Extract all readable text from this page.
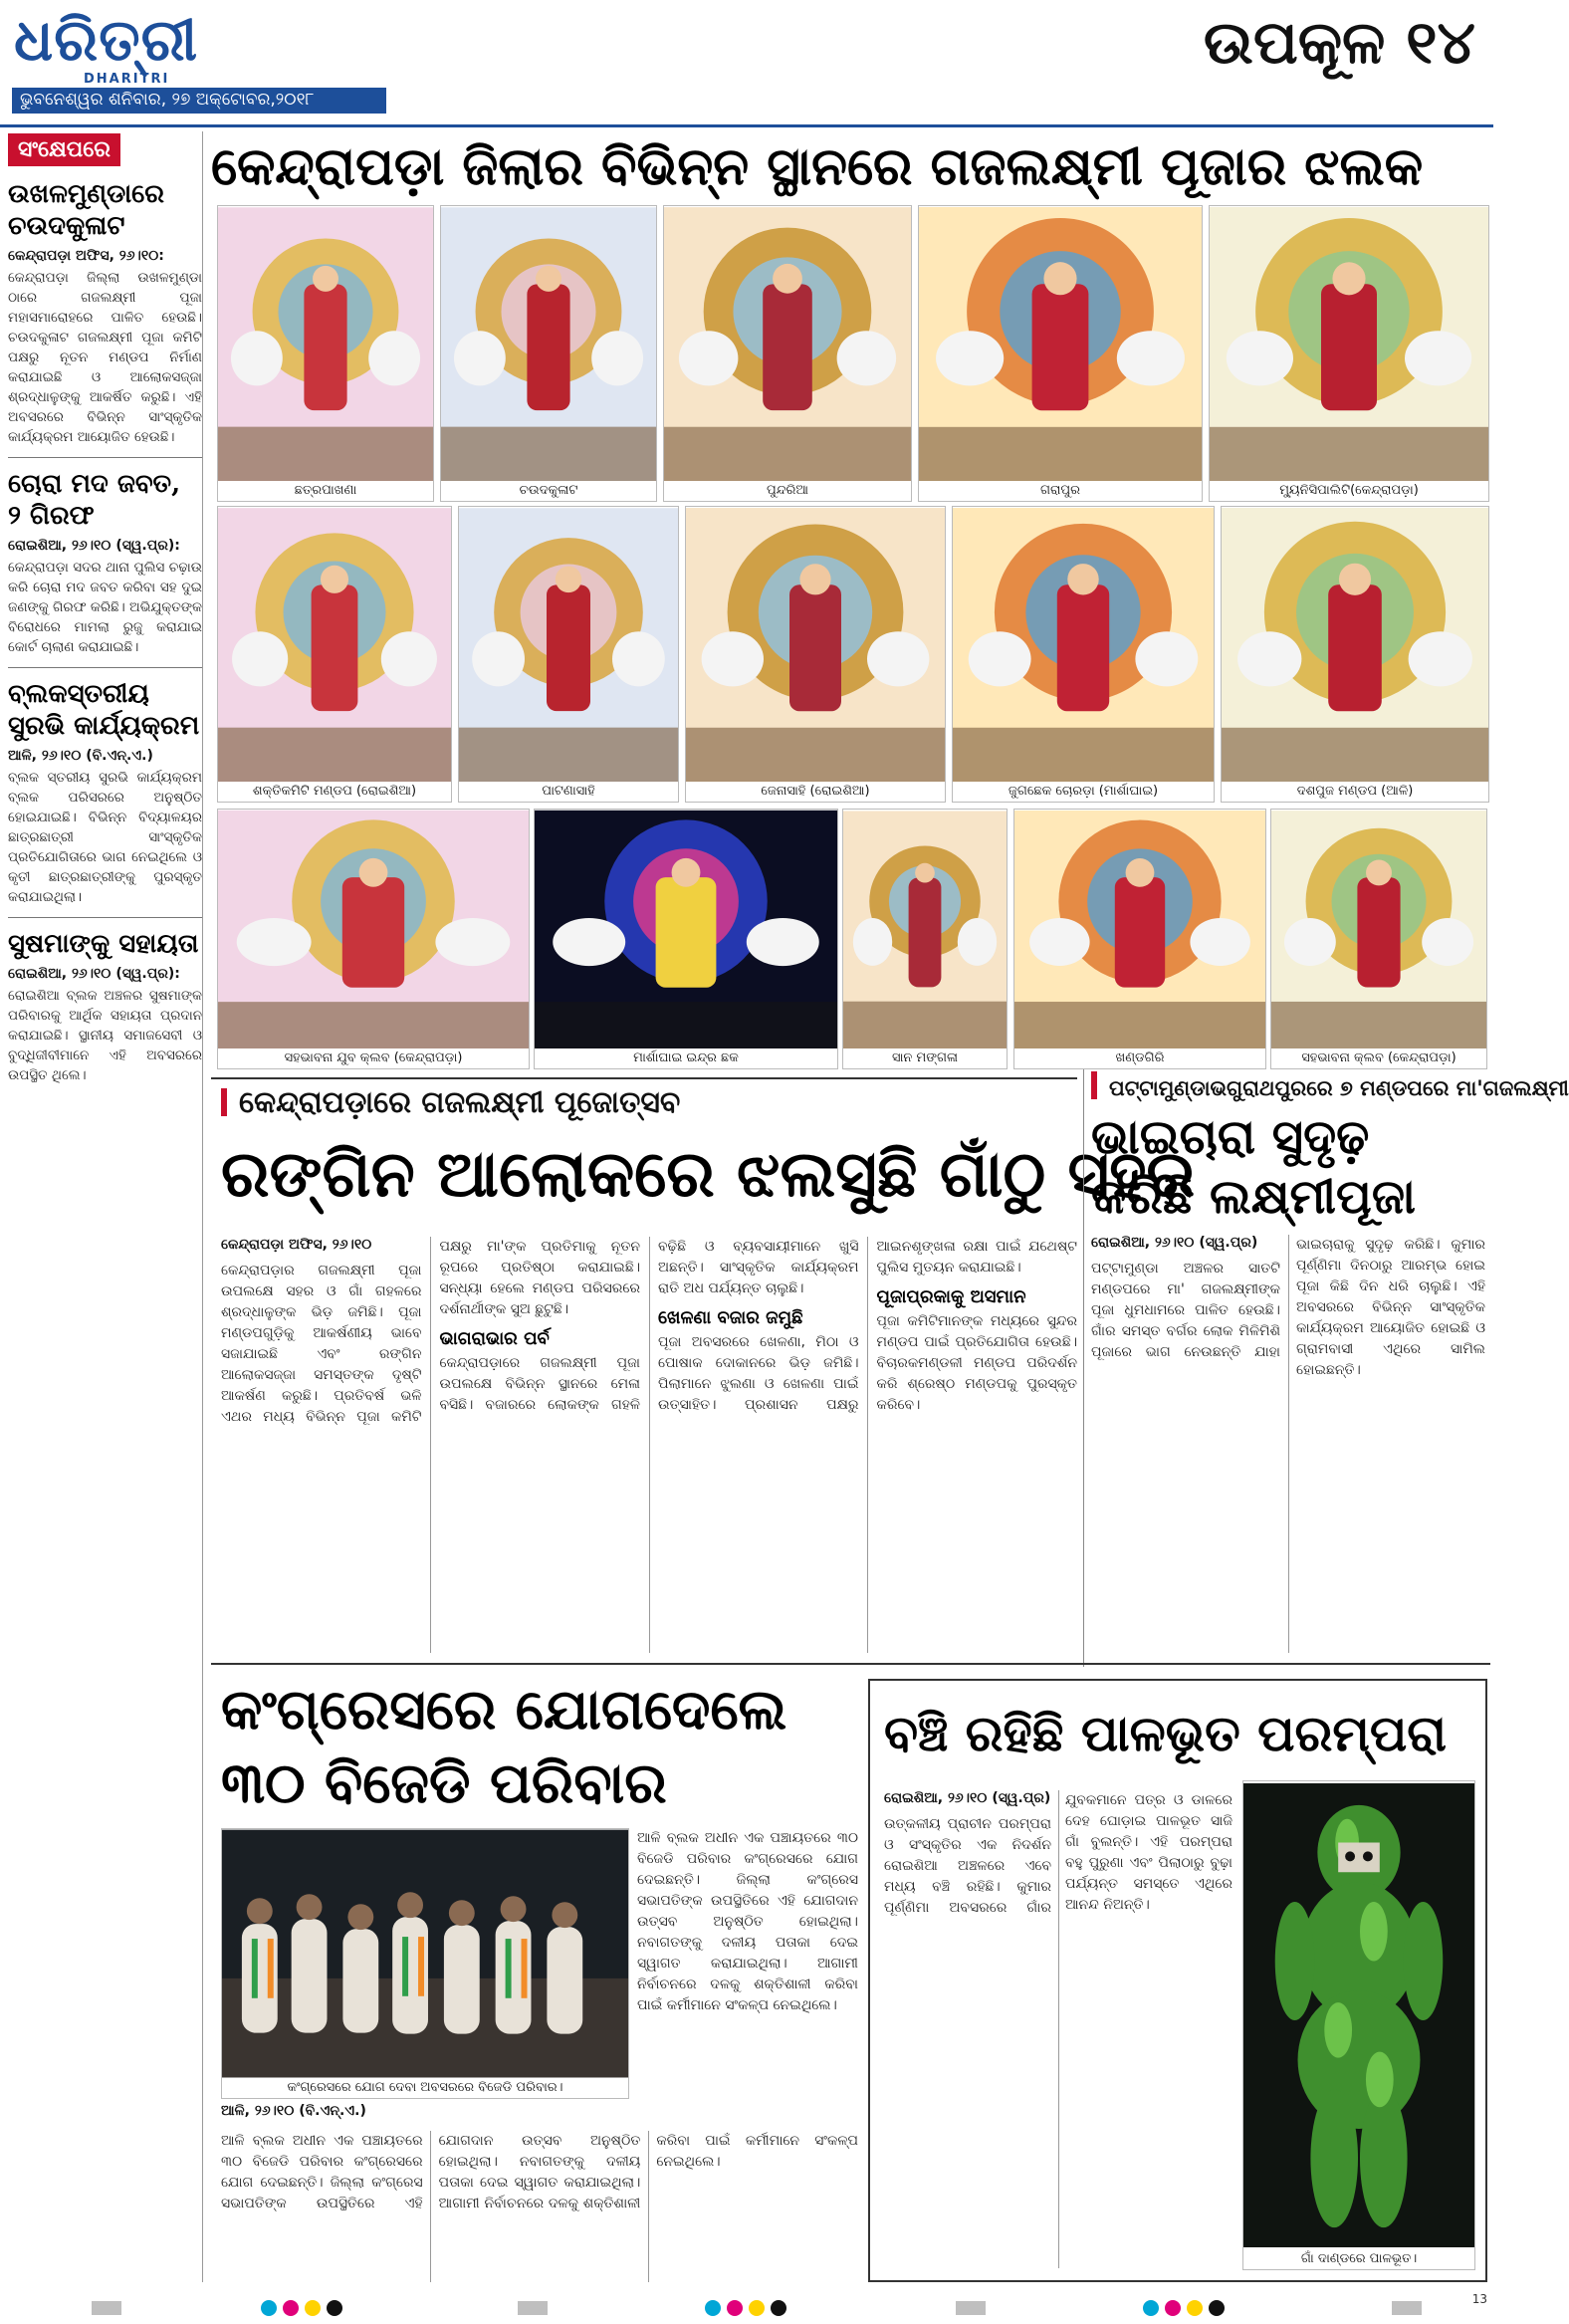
ଧରିତ୍ରୀ
DHARITRI
ଭୁବନେଶ୍ୱର ଶନିବାର, ୨୭ ଅକ୍ଟୋବର,୨୦୧୮
ଉପକୂଳ ୧୪
ସଂକ୍ଷେପରେ
ଉଖଳମୁଣ୍ଡାରେ ଚଉଦକୁଳାଟ
କେନ୍ଦ୍ରାପଡ଼ା ଅଫିସ, ୨୬।୧୦:
କେନ୍ଦ୍ରାପଡ଼ା ଜିଲ୍ଲା ଉଖଳମୁଣ୍ଡା ଠାରେ ଗଜଲକ୍ଷ୍ମୀ ପୂଜା ମହାସମାରୋହରେ ପାଳିତ ହେଉଛି। ଚଉଦକୁଳାଟ ଗଜଲକ୍ଷ୍ମୀ ପୂଜା କମିଟି ପକ୍ଷରୁ ନୂତନ ମଣ୍ଡପ ନିର୍ମାଣ କରାଯାଇଛି ଓ ଆଲୋକସଜ୍ଜା ଶ୍ରଦ୍ଧାଳୁଙ୍କୁ ଆକର୍ଷିତ କରୁଛି। ଏହି ଅବସରରେ ବିଭିନ୍ନ ସାଂସ୍କୃତିକ କାର୍ଯ୍ୟକ୍ରମ ଆୟୋଜିତ ହେଉଛି।
ଚୋରା ମଦ ଜବତ, ୨ ଗିରଫ
ରୋଇଶିଆ, ୨୬।୧୦ (ସ୍ୱ.ପ୍ର):
କେନ୍ଦ୍ରାପଡ଼ା ସଦର ଥାନା ପୁଲିସ ଚଢ଼ାଉ କରି ଚୋରା ମଦ ଜବତ କରିବା ସହ ଦୁଇ ଜଣଙ୍କୁ ଗିରଫ କରିଛି। ଅଭିଯୁକ୍ତଙ୍କ ବିରୋଧରେ ମାମଲା ରୁଜୁ କରାଯାଇ କୋର୍ଟ ଚାଲାଣ କରାଯାଇଛି।
ବ୍ଲକସ୍ତରୀୟ ସୁରଭି କାର୍ଯ୍ୟକ୍ରମ
ଆଳି, ୨୬।୧୦ (ବି.ଏନ୍.ଏ.)
ବ୍ଲକ ସ୍ତରୀୟ ସୁରଭି କାର୍ଯ୍ୟକ୍ରମ ବ୍ଲକ ପରିସରରେ ଅନୁଷ୍ଠିତ ହୋଇଯାଇଛି। ବିଭିନ୍ନ ବିଦ୍ୟାଳୟର ଛାତ୍ରଛାତ୍ରୀ ସାଂସ୍କୃତିକ ପ୍ରତିଯୋଗିତାରେ ଭାଗ ନେଇଥିଲେ ଓ କୃତୀ ଛାତ୍ରଛାତ୍ରୀଙ୍କୁ ପୁରସ୍କୃତ କରାଯାଇଥିଲା।
ସୁଷମାଙ୍କୁ ସହାୟତା
ରୋଇଶିଆ, ୨୬।୧୦ (ସ୍ୱ.ପ୍ର):
ରୋଇଶିଆ ବ୍ଲକ ଅଞ୍ଚଳର ସୁଷମାଙ୍କ ପରିବାରକୁ ଆର୍ଥିକ ସହାୟତା ପ୍ରଦାନ କରାଯାଇଛି। ସ୍ଥାନୀୟ ସମାଜସେବୀ ଓ ବୁଦ୍ଧିଜୀବୀମାନେ ଏହି ଅବସରରେ ଉପସ୍ଥିତ ଥିଲେ।
କେନ୍ଦ୍ରାପଡ଼ା ଜିଲାର ବିଭିନ୍ନ ସ୍ଥାନରେ ଗଜଲକ୍ଷ୍ମୀ ପୂଜାର ଝଲକ
ଛତ୍ରପାଖଣା	ଚଉଦକୁଳାଟ	ପୁନ୍ଦରିଆ	ଗରାପୁର	ମ୍ୟୁନିସିପାଲିଟି(କେନ୍ଦ୍ରାପଡ଼ା)
ଶକ୍ତିକମିଟି ମଣ୍ଡପ (ରୋଇଶିଆ)	ପାଟଣାସାହି	ଜେନାସାହି (ରୋଇଶିଆ)	ଜୁଗଛେକ ଚୋରଡ଼ା (ମାର୍ଶାଘାଇ)	ଦଶପୁଜ ମଣ୍ଡପ (ଆଳି)
ସହଭାବନା ଯୁବ କ୍ଲବ (କେନ୍ଦ୍ରାପଡ଼ା)	ମାର୍ଶାଘାଇ ଇନ୍ଦ୍ର ଛକ	ସାନ ମଙ୍ଗଳା	ଖଣ୍ଡଗିରି	ସହଭାବନା କ୍ଲବ (କେନ୍ଦ୍ରାପଡ଼ା)
କେନ୍ଦ୍ରାପଡ଼ାରେ ଗଜଲକ୍ଷ୍ମୀ ପୂଜୋତ୍ସବ
ରଙ୍ଗିନ ଆଲୋକରେ ଝଲସୁଛି ଗାଁଠୁ ସହର
କେନ୍ଦ୍ରାପଡ଼ା ଅଫିସ, ୨୬।୧୦
କେନ୍ଦ୍ରାପଡ଼ାର ଗଜଲକ୍ଷ୍ମୀ ପୂଜା ଉପଲକ୍ଷେ ସହର ଓ ଗାଁ ଗହଳରେ ଶ୍ରଦ୍ଧାଳୁଙ୍କ ଭିଡ଼ ଜମିଛି। ପୂଜା ମଣ୍ଡପଗୁଡ଼ିକୁ ଆକର୍ଷଣୀୟ ଭାବେ ସଜାଯାଇଛି ଏବଂ ରଙ୍ଗିନ ଆଲୋକସଜ୍ଜା ସମସ୍ତଙ୍କ ଦୃଷ୍ଟି ଆକର୍ଷଣ କରୁଛି। ପ୍ରତିବର୍ଷ ଭଳି ଏଥର ମଧ୍ୟ ବିଭିନ୍ନ ପୂଜା କମିଟି ପକ୍ଷରୁ ମା'ଙ୍କ ପ୍ରତିମାକୁ ନୂତନ ରୂପରେ ପ୍ରତିଷ୍ଠା କରାଯାଇଛି। ସନ୍ଧ୍ୟା ହେଲେ ମଣ୍ଡପ ପରିସରରେ ଦର୍ଶନାର୍ଥୀଙ୍କ ସୁଅ ଛୁଟୁଛି।
ଭାଗରାଭାର ପର୍ବ
କେନ୍ଦ୍ରାପଡ଼ାରେ ଗଜଲକ୍ଷ୍ମୀ ପୂଜା ଉପଲକ୍ଷେ ବିଭିନ୍ନ ସ୍ଥାନରେ ମେଳା ବସିଛି। ବଜାରରେ ଲୋକଙ୍କ ଗହଳି ବଢ଼ିଛି ଓ ବ୍ୟବସାୟୀମାନେ ଖୁସି ଅଛନ୍ତି। ସାଂସ୍କୃତିକ କାର୍ଯ୍ୟକ୍ରମ ରାତି ଅଧ ପର୍ଯ୍ୟନ୍ତ ଚାଲୁଛି।
ଖେଳଣା ବଜାର ଜମୁଛି
ପୂଜା ଅବସରରେ ଖେଳଣା, ମିଠା ଓ ପୋଷାକ ଦୋକାନରେ ଭିଡ଼ ଜମିଛି। ପିଲାମାନେ ଝୁଲଣା ଓ ଖେଳଣା ପାଇଁ ଉତ୍ସାହିତ। ପ୍ରଶାସନ ପକ୍ଷରୁ ଆଇନଶୃଙ୍ଖଳା ରକ୍ଷା ପାଇଁ ଯଥେଷ୍ଟ ପୁଲିସ ମୁତୟନ କରାଯାଇଛି।
ପୂଜାପ୍ରକାକୁ ଅସମାନ
ପୂଜା କମିଟିମାନଙ୍କ ମଧ୍ୟରେ ସୁନ୍ଦର ମଣ୍ଡପ ପାଇଁ ପ୍ରତିଯୋଗିତା ହେଉଛି। ବିଚାରକମଣ୍ଡଳୀ ମଣ୍ଡପ ପରିଦର୍ଶନ କରି ଶ୍ରେଷ୍ଠ ମଣ୍ଡପକୁ ପୁରସ୍କୃତ କରିବେ।
ପଟ୍ଟାମୁଣ୍ଡାଭଗୁରାଥପୁରରେ ୭ ମଣ୍ଡପରେ ମା'ଗଜଲକ୍ଷ୍ମୀ
ଭାଇଚାରା ସୁଦୃଢ଼
କରିଛି ଲକ୍ଷ୍ମୀପୂଜା
ରୋଇଶିଆ, ୨୬।୧୦ (ସ୍ୱ.ପ୍ର)
ପଟ୍ଟାମୁଣ୍ଡା ଅଞ୍ଚଳର ସାତଟି ମଣ୍ଡପରେ ମା' ଗଜଲକ୍ଷ୍ମୀଙ୍କ ପୂଜା ଧୁମଧାମରେ ପାଳିତ ହେଉଛି। ଗାଁର ସମସ୍ତ ବର୍ଗର ଲୋକ ମିଳିମିଶି ପୂଜାରେ ଭାଗ ନେଉଛନ୍ତି ଯାହା ଭାଇଚାରାକୁ ସୁଦୃଢ଼ କରିଛି। କୁମାର ପୂର୍ଣ୍ଣିମା ଦିନଠାରୁ ଆରମ୍ଭ ହୋଇ ପୂଜା କିଛି ଦିନ ଧରି ଚାଲୁଛି। ଏହି ଅବସରରେ ବିଭିନ୍ନ ସାଂସ୍କୃତିକ କାର୍ଯ୍ୟକ୍ରମ ଆୟୋଜିତ ହୋଇଛି ଓ ଗ୍ରାମବାସୀ ଏଥିରେ ସାମିଲ ହୋଇଛନ୍ତି।
କଂଗ୍ରେସରେ ଯୋଗଦେଲେ
୩୦ ବିଜେଡି ପରିବାର
କଂଗ୍ରେସରେ ଯୋଗ ଦେବା ଅବସରରେ ବିଜେଡି ପରିବାର।
ଆଳି, ୨୬।୧୦ (ବି.ଏନ୍.ଏ.)
ଆଳି ବ୍ଲକ ଅଧୀନ ଏକ ପଞ୍ଚାୟତରେ ୩୦ ବିଜେଡି ପରିବାର କଂଗ୍ରେସରେ ଯୋଗ ଦେଇଛନ୍ତି। ଜିଲ୍ଲା କଂଗ୍ରେସ ସଭାପତିଙ୍କ ଉପସ୍ଥିତିରେ ଏହି ଯୋଗଦାନ ଉତ୍ସବ ଅନୁଷ୍ଠିତ ହୋଇଥିଲା। ନବାଗତଙ୍କୁ ଦଳୀୟ ପତାକା ଦେଇ ସ୍ୱାଗତ କରାଯାଇଥିଲା। ଆଗାମୀ ନିର୍ବାଚନରେ ଦଳକୁ ଶକ୍ତିଶାଳୀ କରିବା ପାଇଁ କର୍ମୀମାନେ ସଂକଳ୍ପ ନେଇଥିଲେ।
ଆଳି ବ୍ଲକ ଅଧୀନ ଏକ ପଞ୍ଚାୟତରେ ୩୦ ବିଜେଡି ପରିବାର କଂଗ୍ରେସରେ ଯୋଗ ଦେଇଛନ୍ତି। ଜିଲ୍ଲା କଂଗ୍ରେସ ସଭାପତିଙ୍କ ଉପସ୍ଥିତିରେ ଏହି ଯୋଗଦାନ ଉତ୍ସବ ଅନୁଷ୍ଠିତ ହୋଇଥିଲା। ନବାଗତଙ୍କୁ ଦଳୀୟ ପତାକା ଦେଇ ସ୍ୱାଗତ କରାଯାଇଥିଲା। ଆଗାମୀ ନିର୍ବାଚନରେ ଦଳକୁ ଶକ୍ତିଶାଳୀ କରିବା ପାଇଁ କର୍ମୀମାନେ ସଂକଳ୍ପ ନେଇଥିଲେ।
ବଞ୍ଚି ରହିଛି ପାଳଭୂତ ପରମ୍ପରା
ରୋଇଶିଆ, ୨୬।୧୦ (ସ୍ୱ.ପ୍ର)
ଉତ୍କଳୀୟ ପ୍ରାଚୀନ ପରମ୍ପରା ଓ ସଂସ୍କୃତିର ଏକ ନିଦର୍ଶନ ରୋଇଶିଆ ଅଞ୍ଚଳରେ ଏବେ ମଧ୍ୟ ବଞ୍ଚି ରହିଛି। କୁମାର ପୂର୍ଣ୍ଣିମା ଅବସରରେ ଗାଁର ଯୁବକମାନେ ପତ୍ର ଓ ଡାଳରେ ଦେହ ଘୋଡ଼ାଇ ପାଳଭୂତ ସାଜି ଗାଁ ବୁଲନ୍ତି। ଏହି ପରମ୍ପରା ବହୁ ପୁରୁଣା ଏବଂ ପିଲାଠାରୁ ବୁଢ଼ା ପର୍ଯ୍ୟନ୍ତ ସମସ୍ତେ ଏଥିରେ ଆନନ୍ଦ ନିଅନ୍ତି।
ଗାଁ ଦାଣ୍ଡରେ ପାଳଭୂତ।
13
